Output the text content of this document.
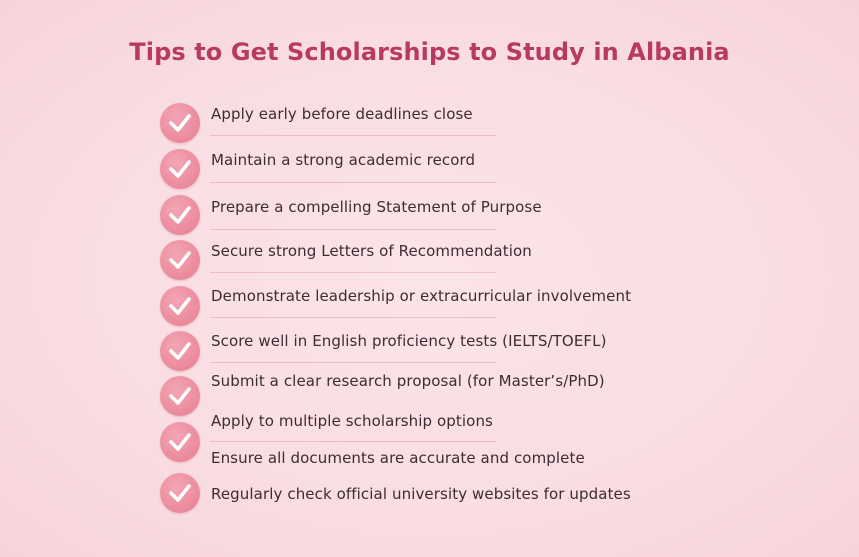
Tips to Get Scholarships to Study in Albania
Apply early before deadlines close
Maintain a strong academic record
Prepare a compelling Statement of Purpose
Secure strong Letters of Recommendation
Demonstrate leadership or extracurricular involvement
Score well in English proficiency tests (IELTS/TOEFL)
Submit a clear research proposal (for Master’s/PhD)
Apply to multiple scholarship options
Ensure all documents are accurate and complete
Regularly check official university websites for updates
